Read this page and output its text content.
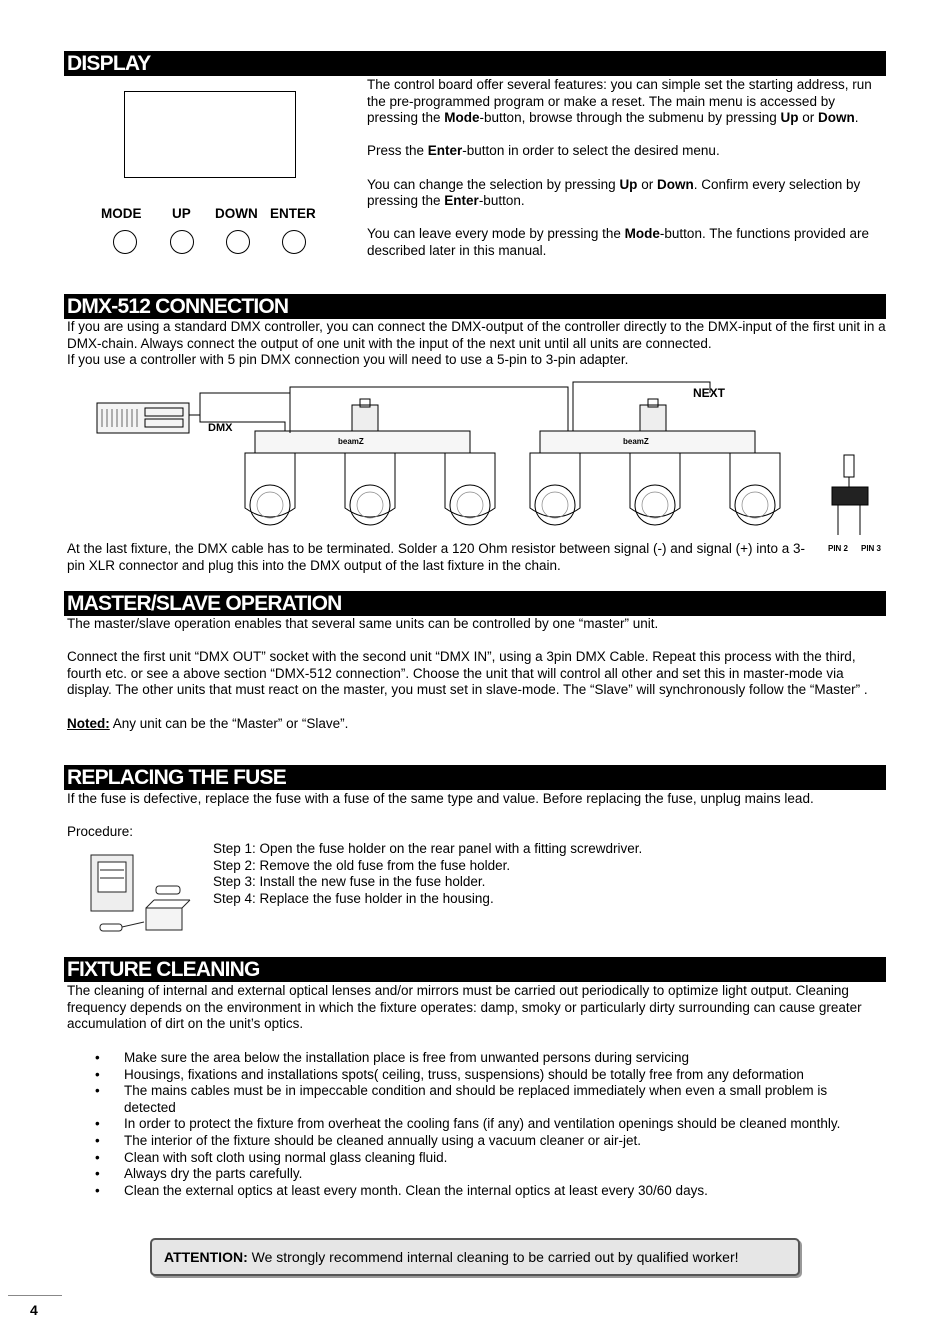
DISPLAY
MODE UP DOWN ENTER

The control board offer several features: you can simple set the starting address, run the pre-programmed program or make a reset. The main menu is accessed by pressing the Mode-button, browse through the submenu by pressing Up or Down.

Press the Enter-button in order to select the desired menu.

You can change the selection by pressing Up or Down. Confirm every selection by pressing the Enter-button.

You can leave every mode by pressing the Mode-button. The functions provided are described later in this manual.

DMX-512 CONNECTION

If you are using a standard DMX controller, you can connect the DMX-output of the controller directly to the DMX-input of the first unit in a DMX-chain. Always connect the output of one unit with the input of the next unit until all units are connected.

If you use a controller with 5 pin DMX connection you will need to use a 5-pin to 3-pin adapter.

DMX
NEXT
beamZ	beamZ
PIN 2 PIN 3
At the last fixture, the DMX cable has to be terminated. Solder a 120 Ohm resistor between signal (-) and signal (+) into a 3-pin XLR connector and plug this into the DMX output of the last fixture in the chain.
MASTER/SLAVE OPERATION

The master/slave operation enables that several same units can be controlled by one “master” unit.

Connect the first unit “DMX OUT” socket with the second unit “DMX IN”, using a 3pin DMX Cable. Repeat this process with the third, fourth etc. or see a above section “DMX-512 connection”. Choose the unit that will control all other and set this in master-mode via display. The other units that must react on the master, you must set in slave-mode. The “Slave” will synchronously follow the “Master” .

Noted: Any unit can be the “Master” or “Slave”.

REPLACING THE FUSE

If the fuse is defective, replace the fuse with a fuse of the same type and value. Before replacing the fuse, unplug mains lead.

Procedure:

Step 1: Open the fuse holder on the rear panel with a fitting screwdriver.

Step 2: Remove the old fuse from the fuse holder.

Step 3: Install the new fuse in the fuse holder.

Step 4: Replace the fuse holder in the housing.

FIXTURE CLEANING
The cleaning of internal and external optical lenses and/or mirrors must be carried out periodically to optimize light output. Cleaning frequency depends on the environment in which the fixture operates: damp, smoky or particularly dirty surrounding can cause greater accumulation of dirt on the unit’s optics.
• Make sure the area below the installation place is free from unwanted persons during servicing
• Housings, fixations and installations spots( ceiling, truss, suspensions) should be totally free from any deformation
• The mains cables must be in impeccable condition and should be replaced immediately when even a small problem is detected
• In order to protect the fixture from overheat the cooling fans (if any) and ventilation openings should be cleaned monthly.
• The interior of the fixture should be cleaned annually using a vacuum cleaner or air-jet.
• Clean with soft cloth using normal glass cleaning fluid.
• Always dry the parts carefully.
• Clean the external optics at least every month. Clean the internal optics at least every 30/60 days.
ATTENTION: We strongly recommend internal cleaning to be carried out by qualified worker!
4
